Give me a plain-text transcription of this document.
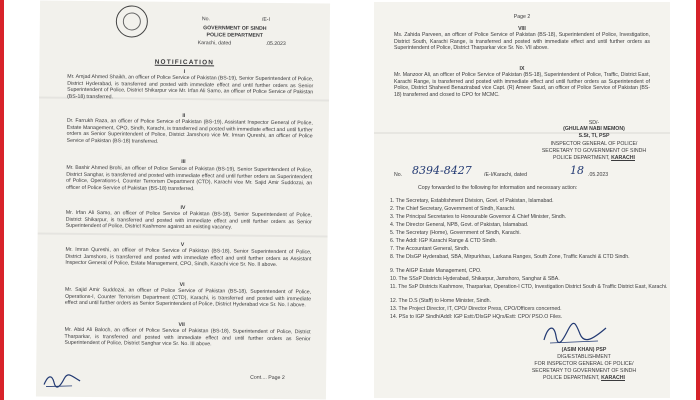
No.	/E-I
GOVERNMENT OF SINDH
POLICE DEPARTMENT
Karachi, dated	.05.2023
NOTIFICATION
I
Mr. Amjad Ahmed Shaikh, an officer of Police Service of Pakistan (BS-19), Senior Superintendent of Police, District Hyderabad, is transferred and posted with immediate effect and until further orders as Senior Superintendent of Police, District Shikarpur vice Mr. Irfan Ali Samo, an officer of Police Service of Pakistan (BS-18) transferred.
II
Dr. Farrukh Raza, an officer of Police Service of Pakistan (BS-19), Assistant Inspector General of Police, Estate Management, CPO, Sindh, Karachi, is transferred and posted with immediate effect and until further orders as Senior Superintendent of Police, District Jamshoro vice Mr. Imran Qureshi, an officer of Police Service of Pakistan (BS-18) transferred.
III
Mr. Bashir Ahmed Brohi, an officer of Police Service of Pakistan (BS-19), Senior Superintendent of Police, District Sanghar, is transferred and posted with immediate effect and until further orders as Superintendent of Police, Operations-I, Counter Terrorism Department (CTD), Karachi vice Mr. Sajid Amir Suddozai, an officer of Police Service of Pakistan (BS-18) transferred.
IV
Mr. Irfan Ali Samo, an officer of Police Service of Pakistan (BS-18), Senior Superintendent of Police, District Shikarpur, is transferred and posted with immediate effect and until further orders as Senior Superintendent of Police, District Kashmore against an existing vacancy.
V
Mr. Imran Qureshi, an officer of Police Service of Pakistan (BS-18), Senior Superintendent of Police, District Jamshoro, is transferred and posted with immediate effect and until further orders as Assistant Inspector General of Police, Estate Management, CPO, Sindh, Karachi vice Sr. No. II above.
VI
Mr. Sajid Amir Suddozai, an officer of Police Service of Pakistan (BS-18), Superintendent of Police, Operations-I, Counter Terrorism Department (CTD), Karachi, is transferred and posted with immediate effect and until further orders as Senior Superintendent of Police, District Hyderabad vice Sr. No. I above.
VII
Mr. Abid Ali Baloch, an officer of Police Service of Pakistan (BS-18), Superintendent of Police, District Tharparkar, is transferred and posted with immediate effect and until further orders as Senior Superintendent of Police, District Sanghar vice Sr. No. III above.
Cont.... Page 2
Page 2
VIII
Ms. Zahida Parveen, an officer of Police Service of Pakistan (BS-18), Superintendent of Police, Investigation, District South, Karachi Range, is transferred and posted with immediate effect and until further orders as Superintendent of Police, District Tharparkar vice Sr. No. VII above.
IX
Mr. Manzoor Ali, an officer of Police Service of Pakistan (BS-18), Superintendent of Police, Traffic, District East, Karachi Range, is transferred and posted with immediate effect and until further orders as Superintendent of Police, District Shaheed Benazirabad vice Capt. (R) Ameer Saud, an officer of Police Service of Pakistan (BS-18) transferred and closed to CPO for MCMC.
SD/-
(GHULAM NABI MEMON)
S.St, TI, PSP
INSPECTOR GENERAL OF POLICE/
SECRETARY TO GOVERNMENT OF SINDH
POLICE DEPARTMENT, KARACHI
No. 8394-8427 /E-I/Karachi, dated	18 .05.2023
Copy forwarded to the following for information and necessary action:
1. The Secretary, Establishment Division, Govt. of Pakistan, Islamabad.
2. The Chief Secretary, Government of Sindh, Karachi.
3. The Principal Secretaries to Honourable Governor & Chief Minister, Sindh.
4. The Director General, NPB, Govt. of Pakistan, Islamabad.
5. The Secretary (Home), Government of Sindh, Karachi.
6. The Addl: IGP Karachi Range & CTD Sindh.
7. The Accountant General, Sindh.
8. The DIsGP Hyderabad, SBA, Mirpurkhas, Larkana Ranges, South Zone, Traffic Karachi & CTD Sindh.
9. The AIGP Estate Management, CPO.
10. The SSsP Districts Hyderabad, Shikarpur, Jamshoro, Sanghar & SBA.
11. The SsP Districts Kashmore, Tharparkar, Operation-I CTD, Investigation District South & Traffic District East, Karachi.
12. The D.S (Staff) to Home Minister, Sindh.
13. The Project Director, IT, CPO/ Director Press, CPO/Officers concerned.
14. PSs to IGP Sindh/Addl: IGP Estt:/DIsGP HQrs/Estt: CPO/ PSO.O Files.
(ASIM KHAN) PSP
DIG/ESTABLISHMENT
FOR INSPECTOR GENERAL OF POLICE/
SECRETARY TO GOVERNMENT OF SINDH
POLICE DEPARTMENT, KARACHI
